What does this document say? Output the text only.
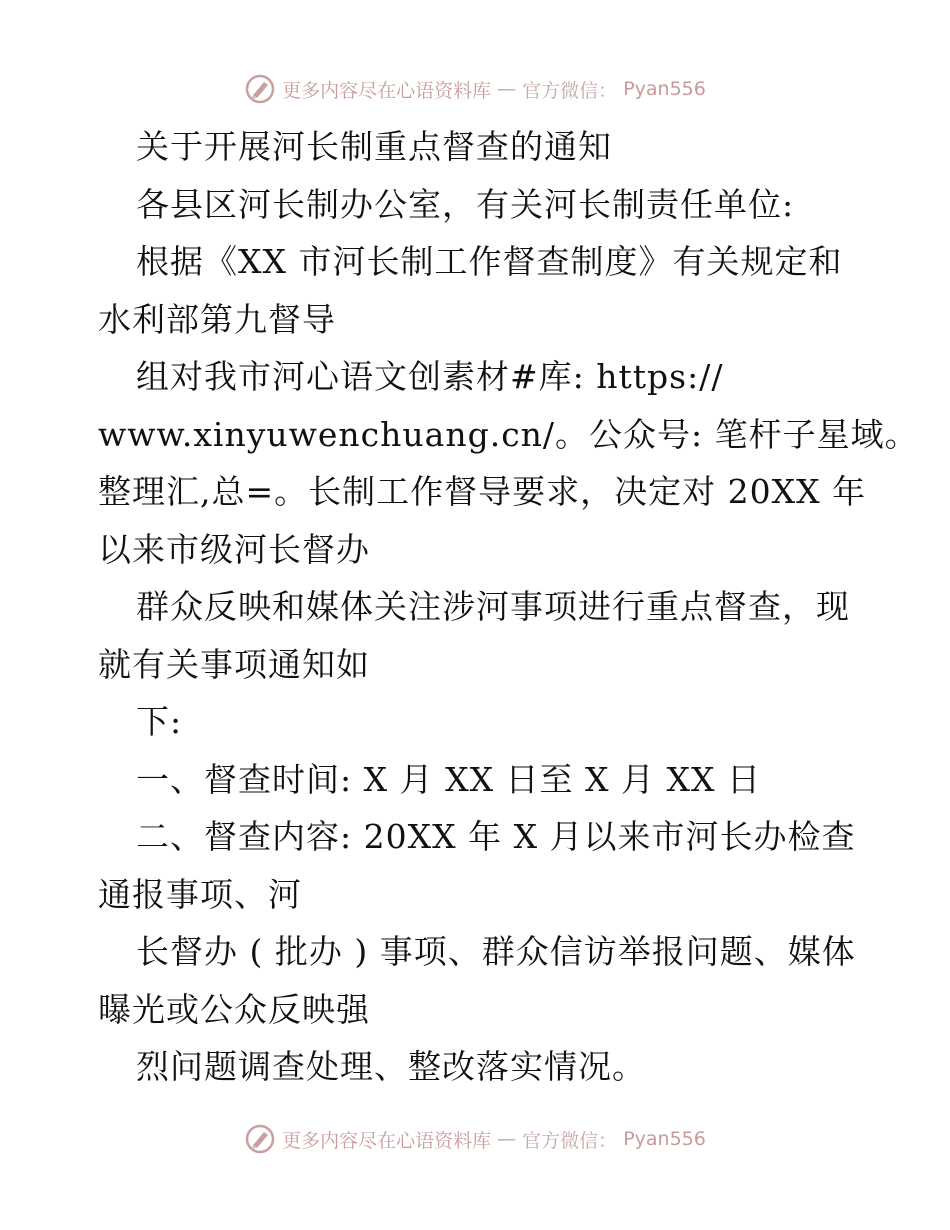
更多内容尽在心语资料库 — 官方微信： Pyan556
关于开展河长制重点督查的通知
各县区河长制办公室，有关河长制责任单位:
根据《XX 市河长制工作督查制度》有关规定和
水利部第九督导
组对我市河心语文创素材#库: https://
www.xinyuwenchuang.cn/。公众号: 笔杆子星域。
整理汇,总=。长制工作督导要求，决定对 20XX 年
以来市级河长督办
群众反映和媒体关注涉河事项进行重点督查，现
就有关事项通知如
下:
一、督查时间: X 月 XX 日至 X 月 XX 日
二、督查内容: 20XX 年 X 月以来市河长办检查
通报事项、河
长督办 ( 批办 ) 事项、群众信访举报问题、媒体
曝光或公众反映强
烈问题调查处理、整改落实情况。
更多内容尽在心语资料库 — 官方微信： Pyan556
